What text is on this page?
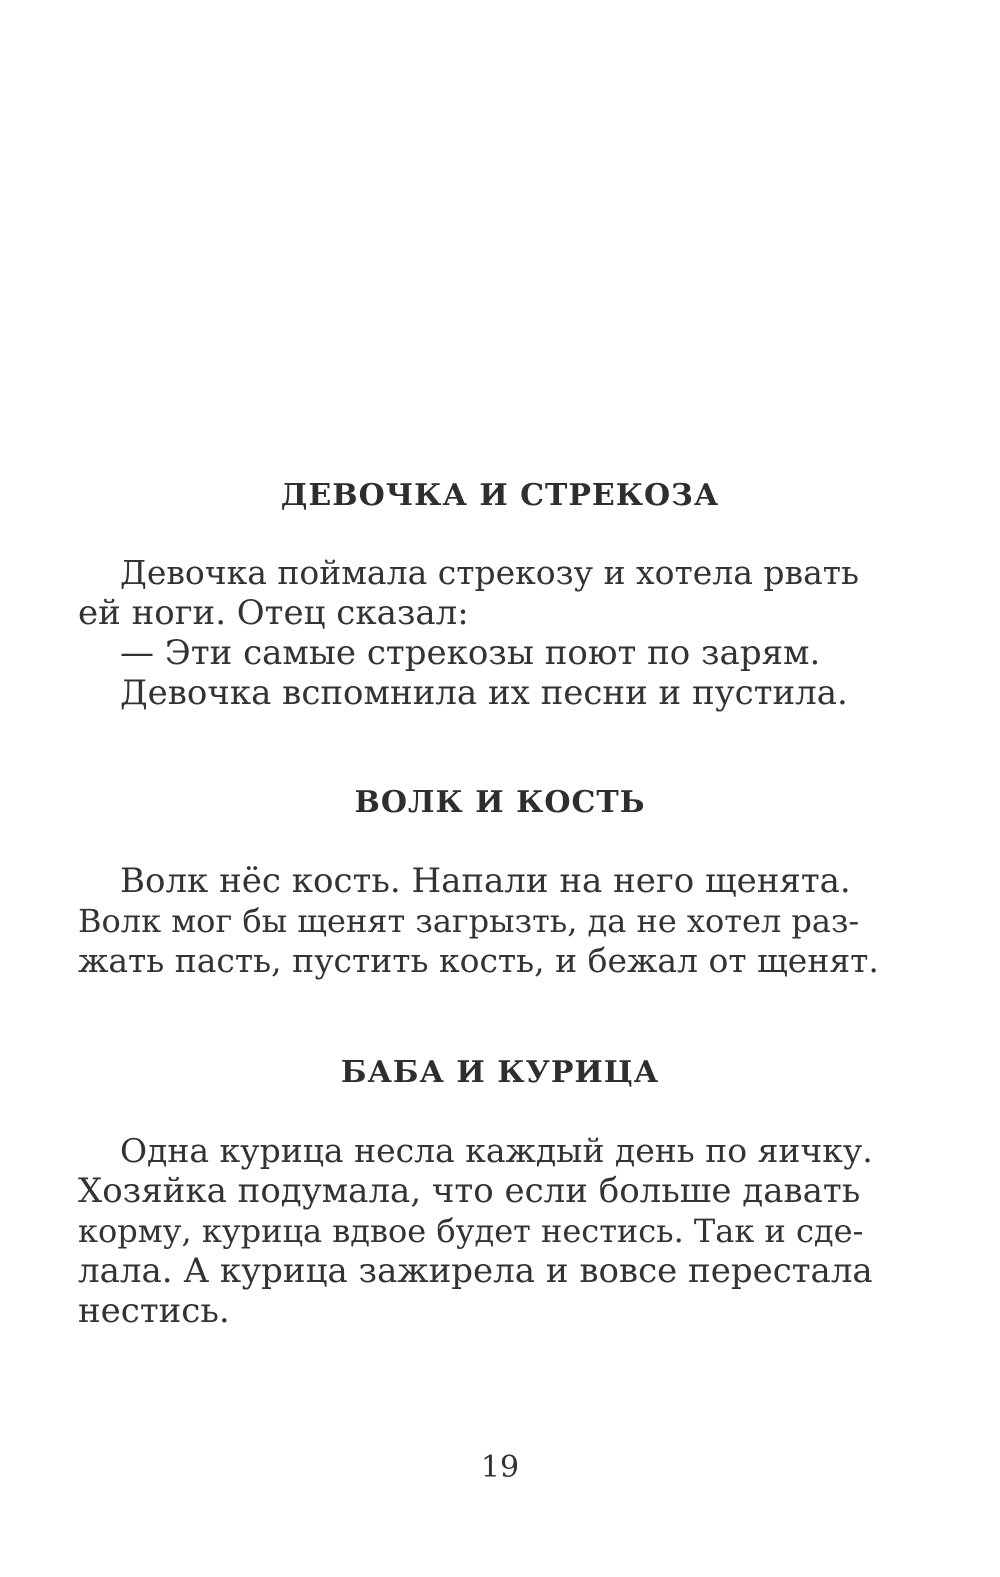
ДЕВОЧКА И СТРЕКОЗА
Девочка поймала стрекозу и хотела рвать
ей ноги. Отец сказал:
— Эти самые стрекозы поют по зарям.
Девочка вспомнила их песни и пустила.
ВОЛК И КОСТЬ
Волк нёс кость. Напали на него щенята.
Волк мог бы щенят загрызть, да не хотел раз-
жать пасть, пустить кость, и бежал от щенят.
БАБА И КУРИЦА
Одна курица несла каждый день по яичку.
Хозяйка подумала, что если больше давать
корму, курица вдвое будет нестись. Так и сде-
лала. А курица зажирела и вовсе перестала
нестись.
19
